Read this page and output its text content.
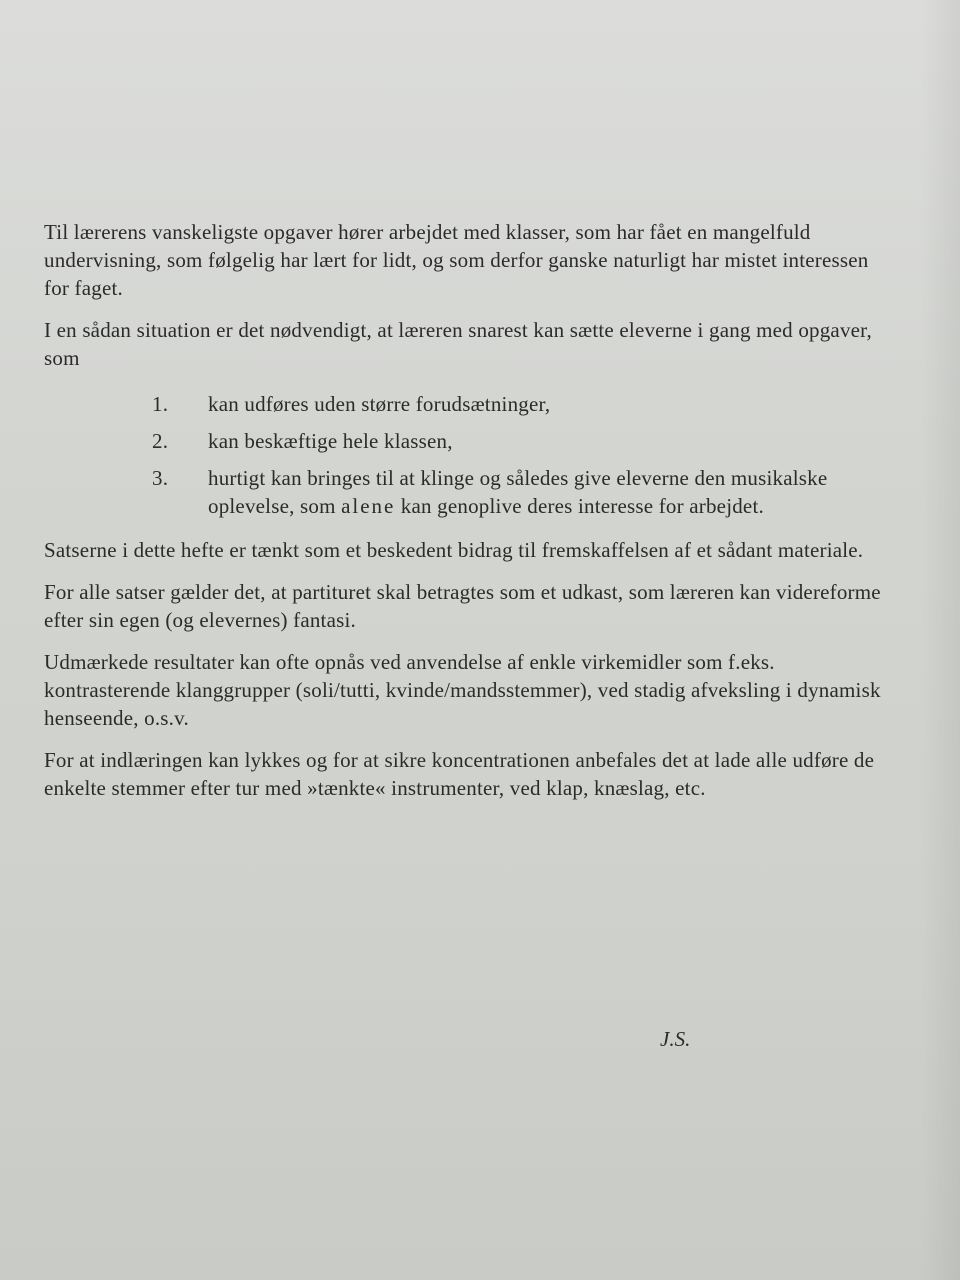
Til lærerens vanskeligste opgaver hører arbejdet med klasser, som har fået en mangelfuld undervisning, som følgelig har lært for lidt, og som derfor ganske naturligt har mistet interessen for faget.

I en sådan situation er det nødvendigt, at læreren snarest kan sætte eleverne i gang med opgaver, som

1.	kan udføres uden større forudsætninger,
2.	kan beskæftige hele klassen,
3.	hurtigt kan bringes til at klinge og således give eleverne den musikalske oplevelse, som alene kan genoplive deres interesse for arbejdet.

Satserne i dette hefte er tænkt som et beskedent bidrag til fremskaffelsen af et sådant materiale.

For alle satser gælder det, at partituret skal betragtes som et udkast, som læreren kan videreforme efter sin egen (og elevernes) fantasi.

Udmærkede resultater kan ofte opnås ved anvendelse af enkle virkemidler som f.eks. kontrasterende klanggrupper (soli/tutti, kvinde/mandsstemmer), ved stadig afveksling i dynamisk henseende, o.s.v.

For at indlæringen kan lykkes og for at sikre koncentrationen anbefales det at lade alle udføre de enkelte stemmer efter tur med »tænkte« instrumenter, ved klap, knæslag, etc.

J.S.
